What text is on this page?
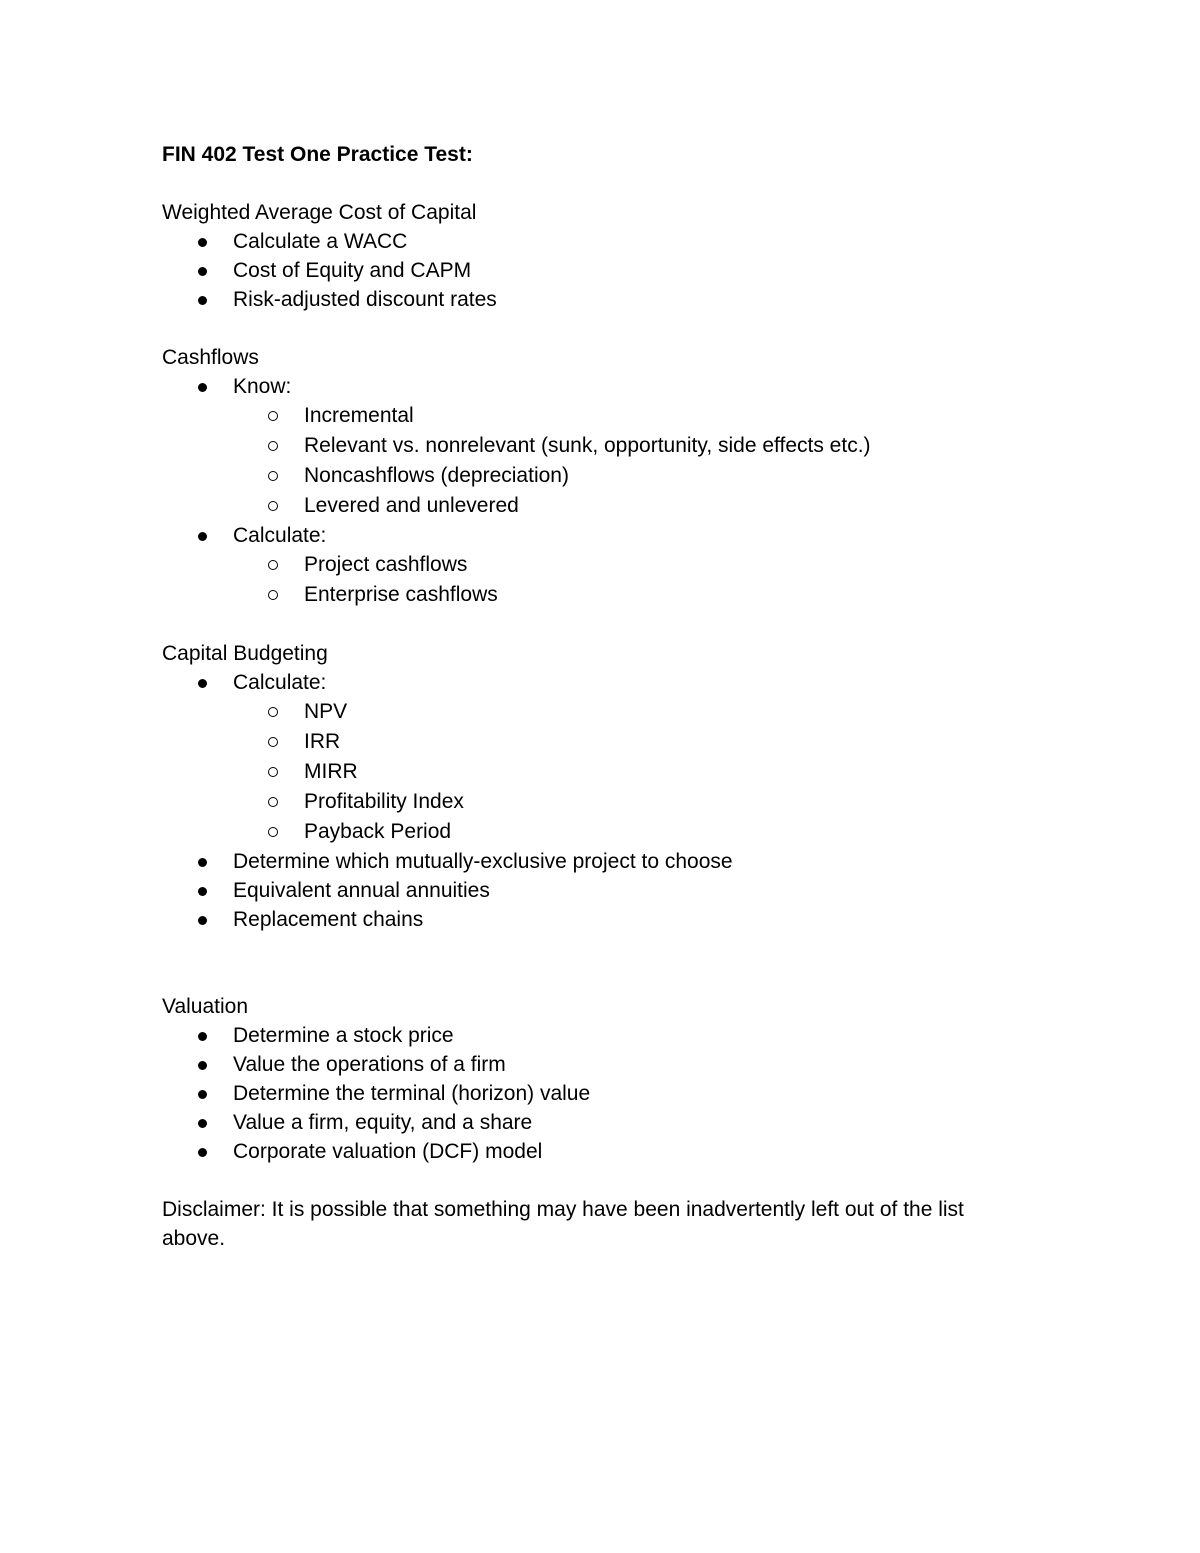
FIN 402 Test One Practice Test:

Weighted Average Cost of Capital

Calculate a WACC
Cost of Equity and CAPM
Risk-adjusted discount rates

Cashflows

Know:
Incremental
Relevant vs. nonrelevant (sunk, opportunity, side effects etc.)
Noncashflows (depreciation)
Levered and unlevered
Calculate:
Project cashflows
Enterprise cashflows

Capital Budgeting

Calculate:
NPV
IRR
MIRR
Profitability Index
Payback Period
Determine which mutually-exclusive project to choose
Equivalent annual annuities
Replacement chains

Valuation

Determine a stock price
Value the operations of a firm
Determine the terminal (horizon) value
Value a firm, equity, and a share
Corporate valuation (DCF) model

Disclaimer: It is possible that something may have been inadvertently left out of the list above.
